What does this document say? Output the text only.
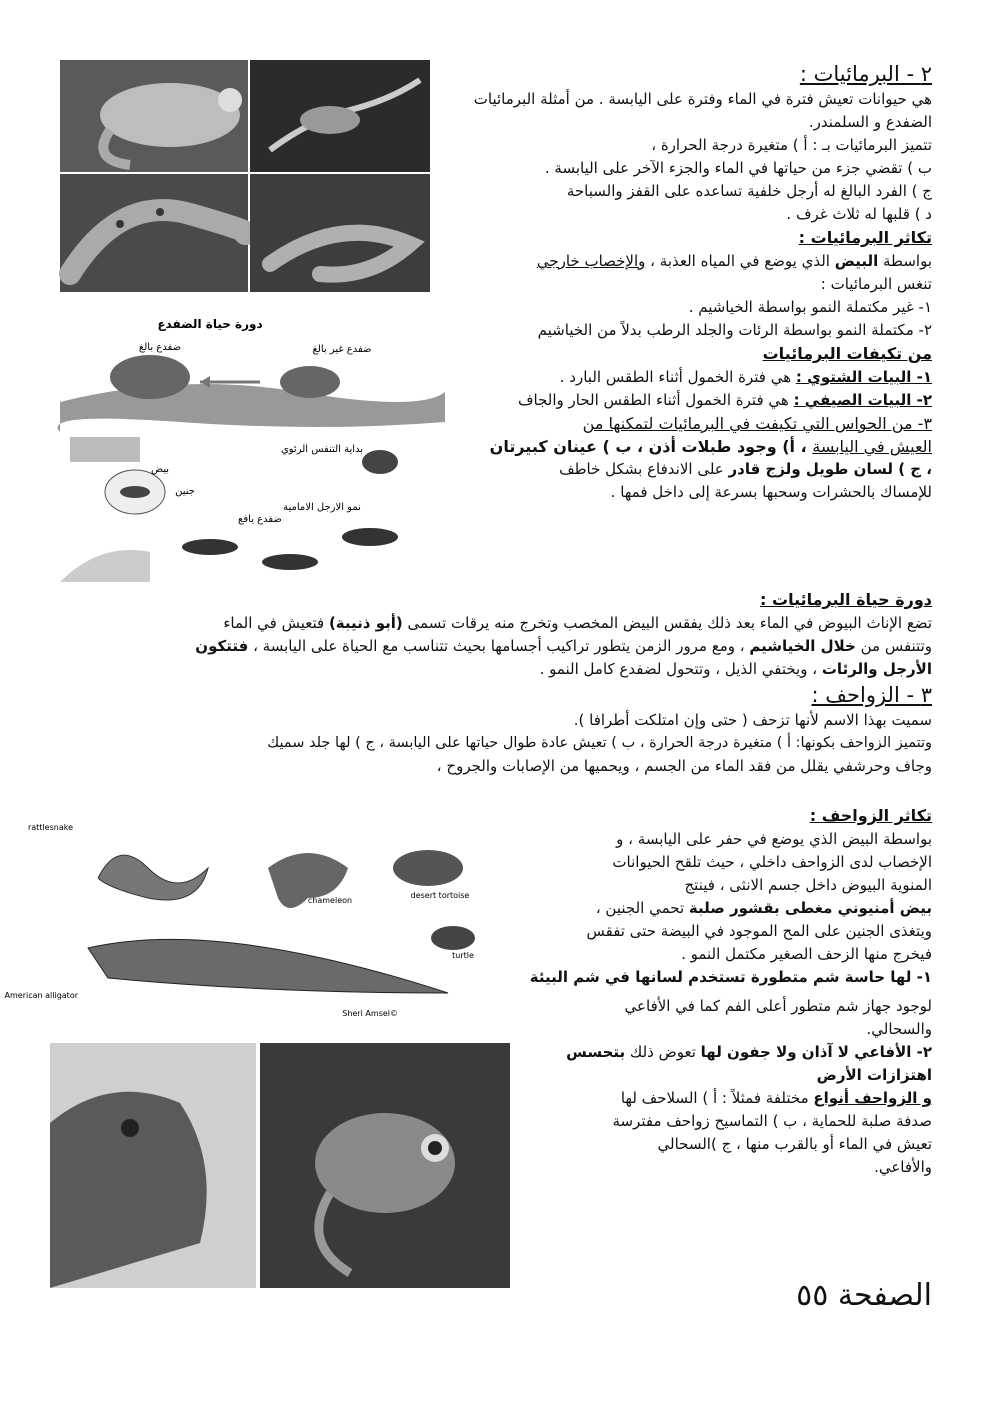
دورة حياة الضفدع
ضفدع بالغ	ضفدع غير بالغ
بداية التنفس الرئوي
بيض
جنين
ضفدع يافع
نمو الارجل الامامية
٢ - البرمائيات :

هي حيوانات تعيش فترة في الماء وفترة على اليابسة . من أمثلة البرمائيات الضفدع و السلمندر.

تتميز البرمائيات بـ : أ ) متغيرة درجة الحرارة ،

ب ) تقضي جزء من حياتها في الماء والجزء الآخر على اليابسة .

ج ) الفرد البالغ له أرجل خلفية تساعده على القفز والسباحة

د ) قلبها له ثلاث غرف .

تكاثر البرمائيات :

بواسطة البيض الذي يوضع في المياه العذبة ، والإخصاب خارجي

تنغس البرمائيات :

١- غير مكتملة النمو بواسطة الخياشيم .

٢- مكتملة النمو بواسطة الرئات والجلد الرطب بدلاً من الخياشيم

من تكيفات البرمائيات

١- البيات الشتوي : هي فترة الخمول أثناء الطقس البارد .

٢- البيات الصيفي : هي فترة الخمول أثناء الطقس الحار والجاف

٣- من الحواس التي تكيفت في البرمائيات لتمكنها من

العيش في اليابسة ، أ) وجود طبلات أذن ، ب ) عينان كبيرتان

، ج ) لسان طويل ولزج قادر على الاندفاع بشكل خاطف

للإمساك بالحشرات وسحبها بسرعة إلى داخل فمها .

دورة حياة البرمائيات :

تضع الإناث البيوض في الماء بعد ذلك يفقس البيض المخصب وتخرج منه يرقات تسمى (أبو ذنيبة) فتعيش في الماء

وتتنفس من خلال الخياشيم ، ومع مرور الزمن يتطور تراكيب أجسامها بحيث تتناسب مع الحياة على اليابسة ، فتتكون

الأرجل والرئات ، ويختفي الذيل ، وتتحول لضفدع كامل النمو .

٣ - الزواحف :

سميت بهذا الاسم لأنها تزحف ( حتى وإن امتلكت أطرافا ).

وتتميز الزواحف بكونها: أ ) متغيرة درجة الحرارة ، ب ) تعيش عادة طوال حياتها على اليابسة ، ج ) لها جلد سميك

وجاف وحرشفي يقلل من فقد الماء من الجسم ، ويحميها من الإصابات والجروح ،

rattlesnake
chameleon
desert tortoise
turtle
American alligator
©Sheri Amsel
تكاثر الزواحف :

بواسطة البيض الذي يوضع في حفر على اليابسة ، و

الإخصاب لدى الزواحف داخلي ، حيث تلقح الحيوانات

المنوية البيوض داخل جسم الانثى ، فينتج

بيض أمنيوني مغطى بقشور صلبة تحمي الجنين ،

ويتغذى الجنين على المح الموجود في البيضة حتى تفقس

فيخرج منها الزحف الصغير مكتمل النمو .

١- لها حاسة شم متطورة تستخدم لسانها في شم البيئة

لوجود جهاز شم متطور أعلى الفم كما في الأفاعي

والسحالي.

٢- الأفاعي لا آذان ولا جفون لها تعوض ذلك بتحسس

اهتزازات الأرض

و الزواحف أنواع مختلفة فمثلاً : أ ) السلاحف لها

صدفة صلبة للحماية ، ب ) التماسيح زواحف مفترسة

تعيش في الماء أو بالقرب منها ، ج )السحالي

والأفاعي.

الصفحة ٥٥
